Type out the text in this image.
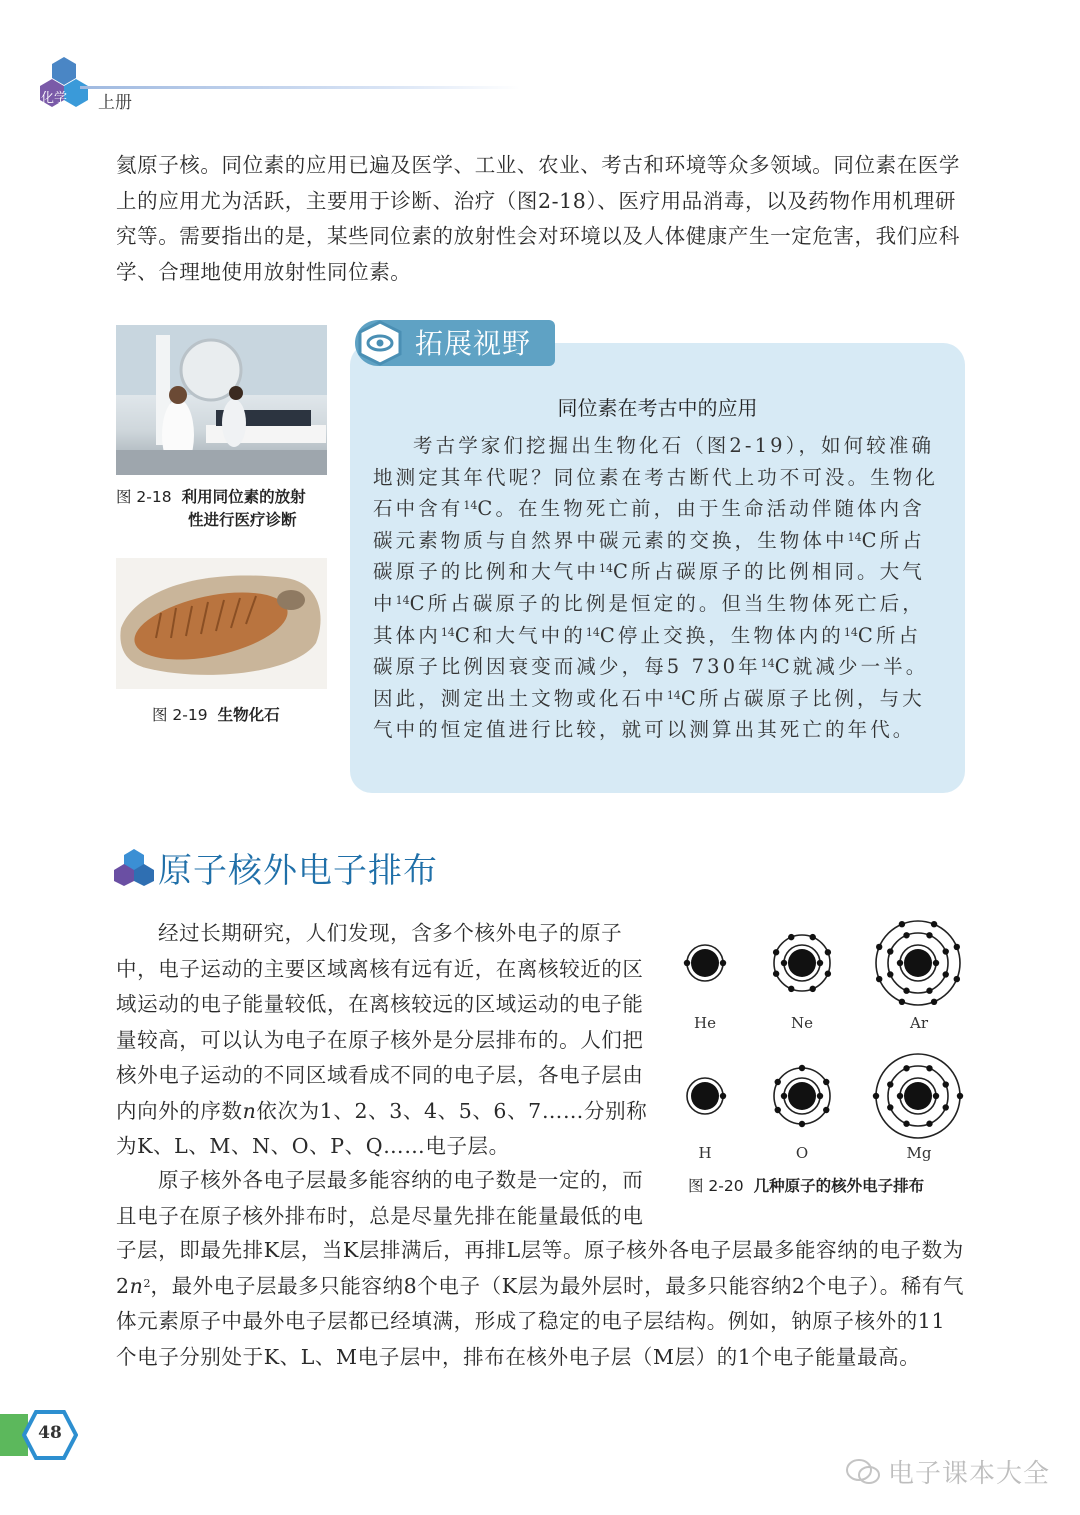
化学 上册
氦原子核。同位素的应用已遍及医学、工业、农业、考古和环境等众多领域。同位素在医学上的应用尤为活跃，主要用于诊断、治疗（图2-18）、医疗用品消毒，以及药物作用机理研究等。需要指出的是，某些同位素的放射性会对环境以及人体健康产生一定危害，我们应科学、合理地使用放射性同位素。
图 2-18 利用同位素的放射
性进行医疗诊断
图 2-19 生物化石
拓展视野
同位素在考古中的应用
考古学家们挖掘出生物化石（图2-19），如何较准确地测定其年代呢？同位素在考古断代上功不可没。生物化石中含有$^{14}$C。在生物死亡前，由于生命活动伴随体内含碳元素物质与自然界中碳元素的交换，生物体中$^{14}$C所占碳原子的比例和大气中$^{14}$C所占碳原子的比例相同。大气中$^{14}$C所占碳原子的比例是恒定的。但当生物体死亡后，其体内$^{14}$C和大气中的$^{14}$C停止交换，生物体内的$^{14}$C所占碳原子比例因衰变而减少，每5 730年$^{14}$C就减少一半。因此，测定出土文物或化石中$^{14}$C所占碳原子比例，与大气中的恒定值进行比较，就可以测算出其死亡的年代。
原子核外电子排布
经过长期研究，人们发现，含多个核外电子的原子中，电子运动的主要区域离核有远有近，在离核较近的区域运动的电子能量较低，在离核较远的区域运动的电子能量较高，可以认为电子在原子核外是分层排布的。人们把核外电子运动的不同区域看成不同的电子层，各电子层由内向外的序数n依次为1、2、3、4、5、6、7……分别称为K、L、M、N、O、P、Q……电子层。
原子核外各电子层最多能容纳的电子数是一定的，而且电子在原子核外排布时，总是尽量先排在能量最低的电
子层，即最先排K层，当K层排满后，再排L层等。原子核外各电子层最多能容纳的电子数为$2n^2$，最外电子层最多只能容纳8个电子（K层为最外层时，最多只能容纳2个电子）。稀有气体元素原子中最外电子层都已经填满，形成了稳定的电子层结构。例如，钠原子核外的11个电子分别处于K、L、M电子层中，排布在核外电子层（M层）的1个电子能量最高。
He	Ne	Ar
H	O	Mg
图 2-20 几种原子的核外电子排布
48
电子课本大全
